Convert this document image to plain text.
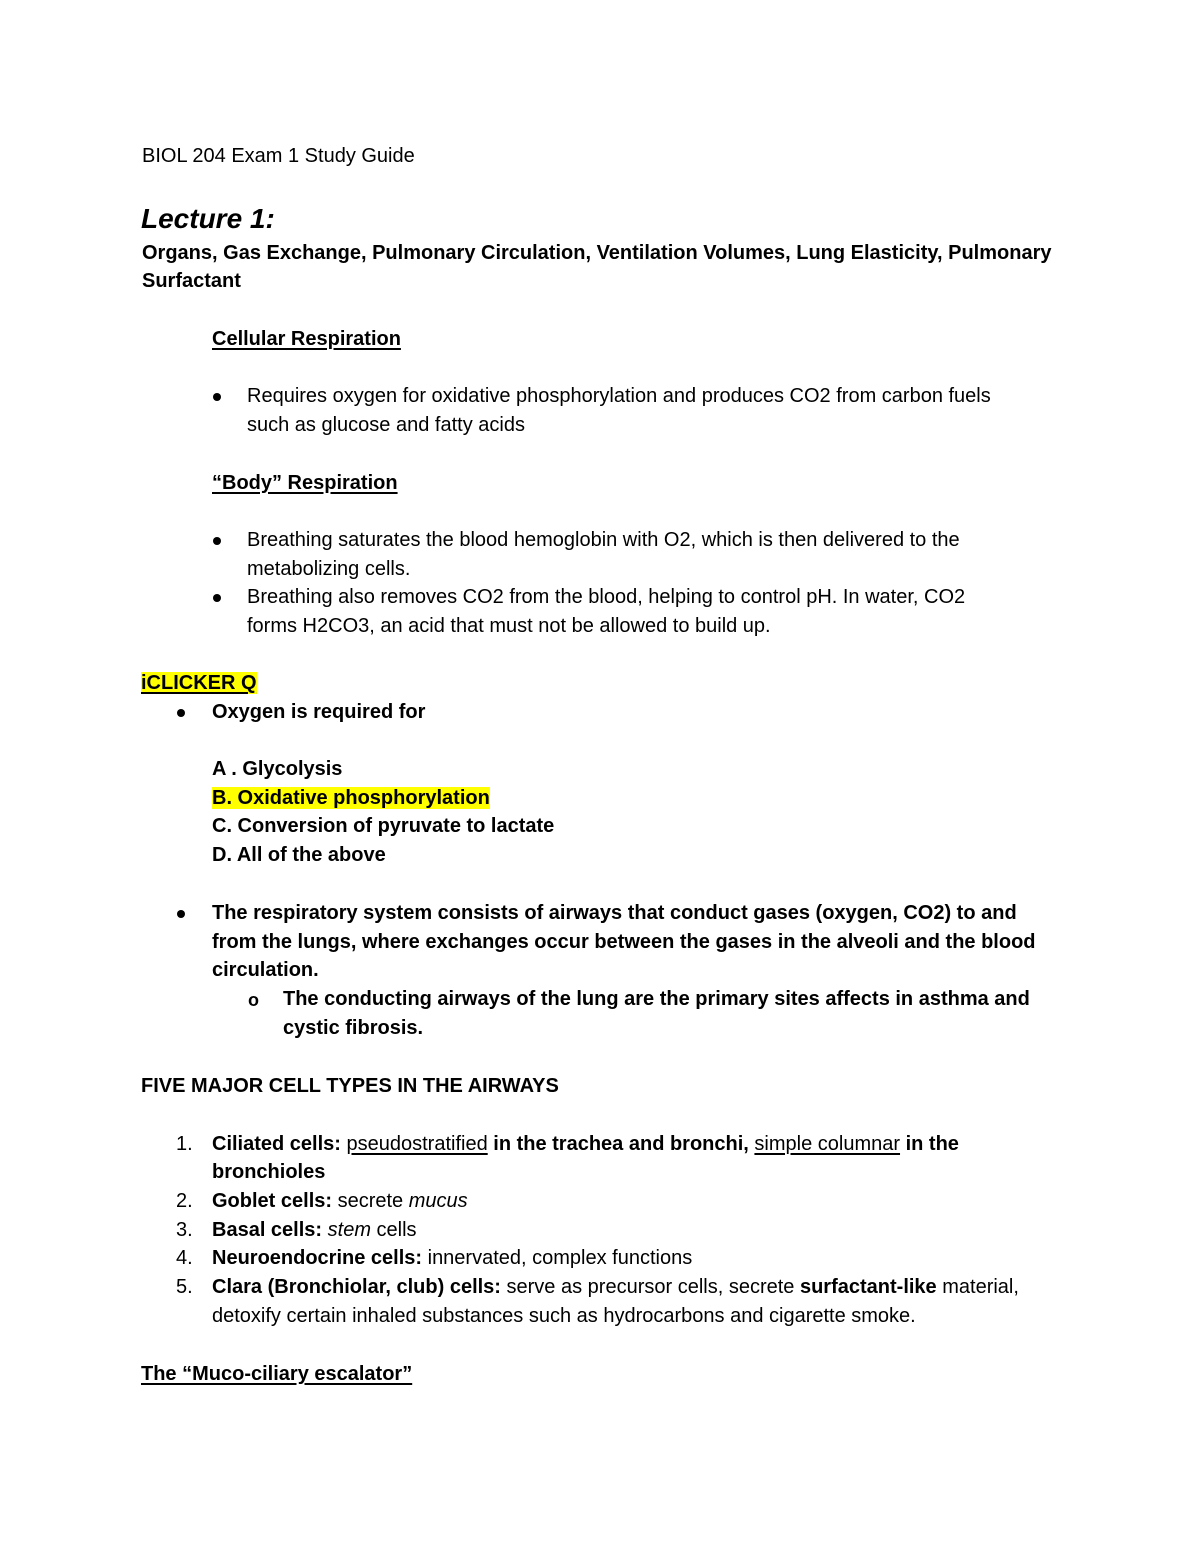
BIOL 204 Exam 1 Study Guide
Lecture 1:
Organs, Gas Exchange, Pulmonary Circulation, Ventilation Volumes, Lung Elasticity, Pulmonary
Surfactant
Cellular Respiration
Requires oxygen for oxidative phosphorylation and produces CO2 from carbon fuels
such as glucose and fatty acids
“Body” Respiration
Breathing saturates the blood hemoglobin with O2, which is then delivered to the
metabolizing cells.
Breathing also removes CO2 from the blood, helping to control pH. In water, CO2
forms H2CO3, an acid that must not be allowed to build up.
iCLICKER Q
Oxygen is required for
A . Glycolysis
B. Oxidative phosphorylation
C. Conversion of pyruvate to lactate
D. All of the above
The respiratory system consists of airways that conduct gases (oxygen, CO2) to and
from the lungs, where exchanges occur between the gases in the alveoli and the blood
circulation.
o The conducting airways of the lung are the primary sites affects in asthma and
cystic fibrosis.
FIVE MAJOR CELL TYPES IN THE AIRWAYS
1. Ciliated cells: pseudostratified in the trachea and bronchi, simple columnar in the
bronchioles
2. Goblet cells: secrete mucus
3. Basal cells: stem cells
4. Neuroendocrine cells: innervated, complex functions
5. Clara (Bronchiolar, club) cells: serve as precursor cells, secrete surfactant-like material,
detoxify certain inhaled substances such as hydrocarbons and cigarette smoke.
The “Muco-ciliary escalator”
